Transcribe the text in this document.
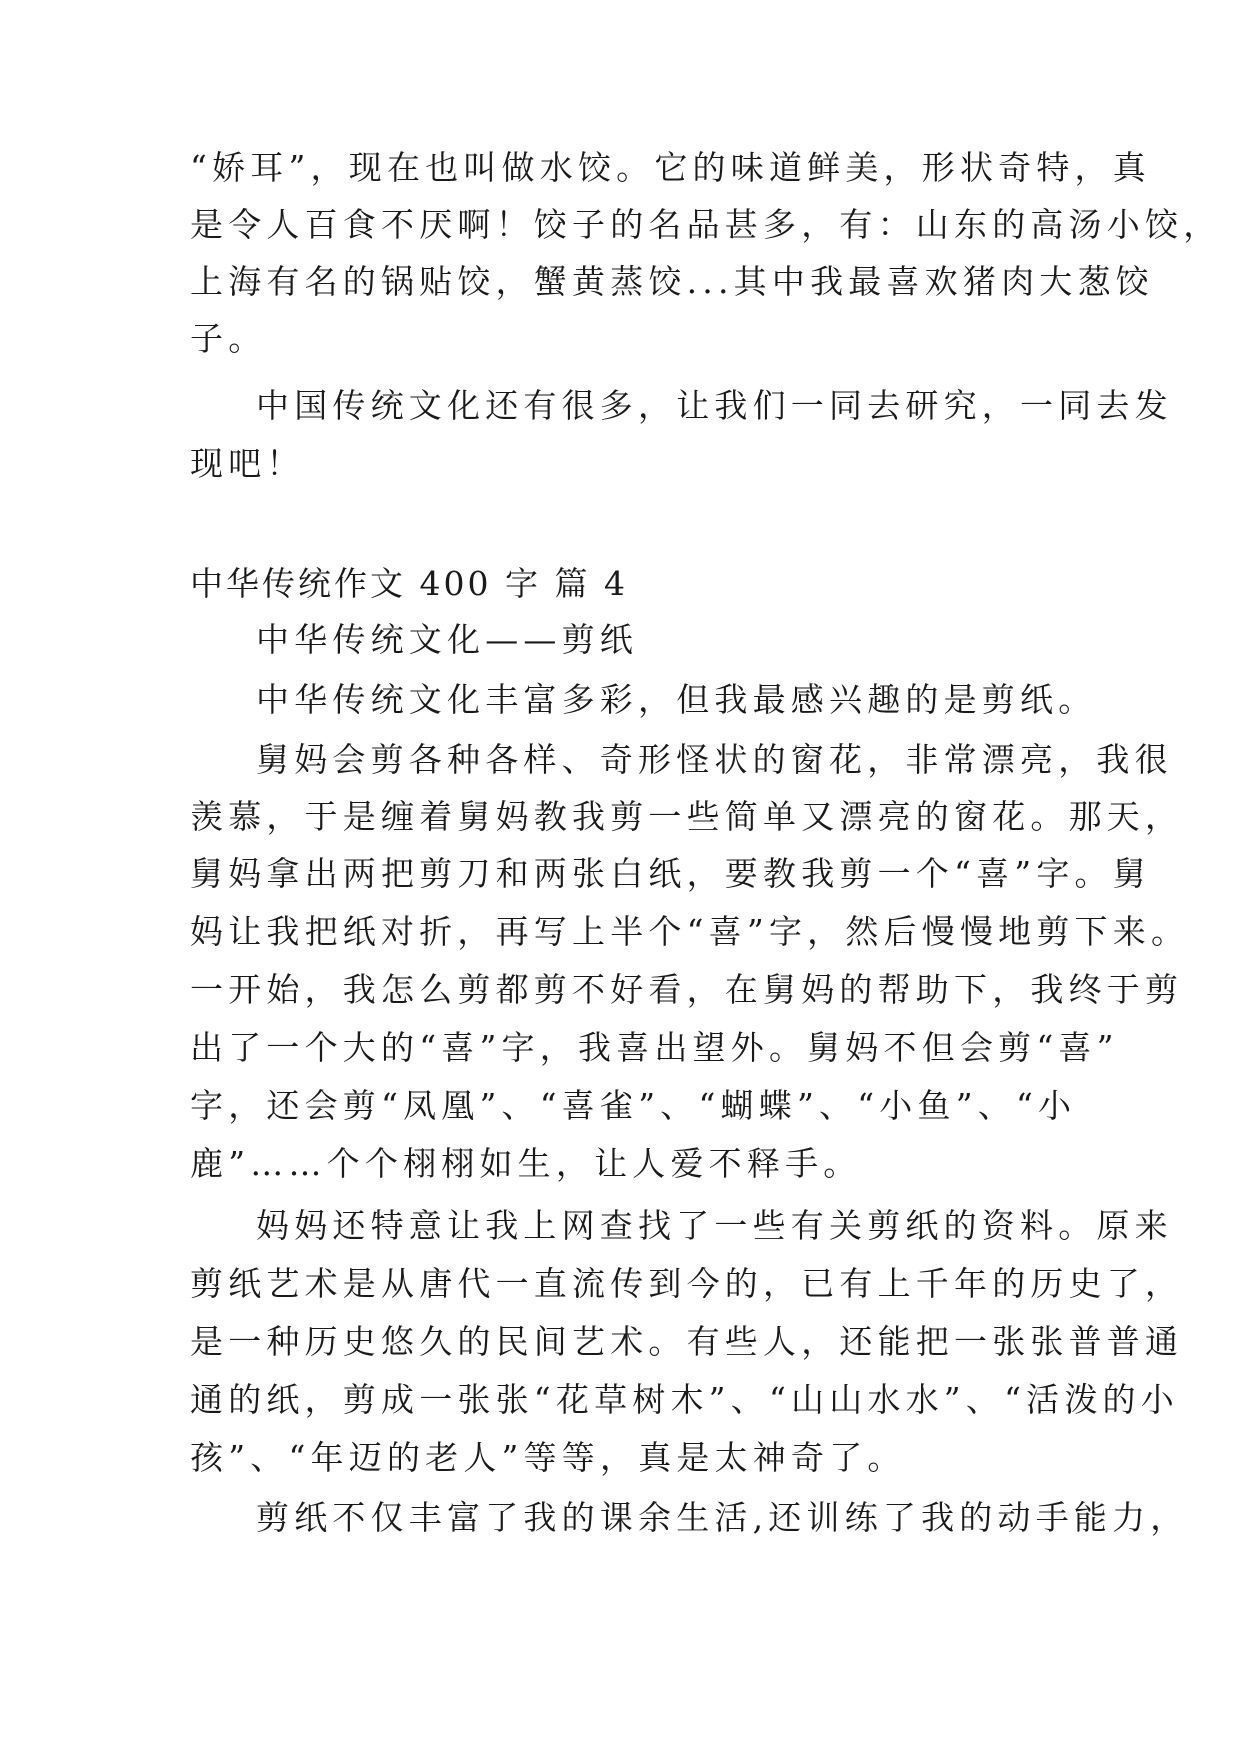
“娇耳”，现在也叫做水饺。它的味道鲜美，形状奇特，真
是令人百食不厌啊！饺子的名品甚多，有：山东的高汤小饺，
上海有名的锅贴饺，蟹黄蒸饺...其中我最喜欢猪肉大葱饺
子。
中国传统文化还有很多，让我们一同去研究，一同去发
现吧！
中华传统作文 400 字 篇 4
中华传统文化——剪纸
中华传统文化丰富多彩，但我最感兴趣的是剪纸。
舅妈会剪各种各样、奇形怪状的窗花，非常漂亮，我很
羡慕，于是缠着舅妈教我剪一些简单又漂亮的窗花。那天，
舅妈拿出两把剪刀和两张白纸，要教我剪一个“喜”字。舅
妈让我把纸对折，再写上半个“喜”字，然后慢慢地剪下来。
一开始，我怎么剪都剪不好看，在舅妈的帮助下，我终于剪
出了一个大的“喜”字，我喜出望外。舅妈不但会剪“喜”
字，还会剪“凤凰”、“喜雀”、“蝴蝶”、“小鱼”、“小
鹿”……个个栩栩如生，让人爱不释手。
妈妈还特意让我上网查找了一些有关剪纸的资料。原来
剪纸艺术是从唐代一直流传到今的，已有上千年的历史了，
是一种历史悠久的民间艺术。有些人，还能把一张张普普通
通的纸，剪成一张张“花草树木”、“山山水水”、“活泼的小
孩”、“年迈的老人”等等，真是太神奇了。
剪纸不仅丰富了我的课余生活,还训练了我的动手能力，
